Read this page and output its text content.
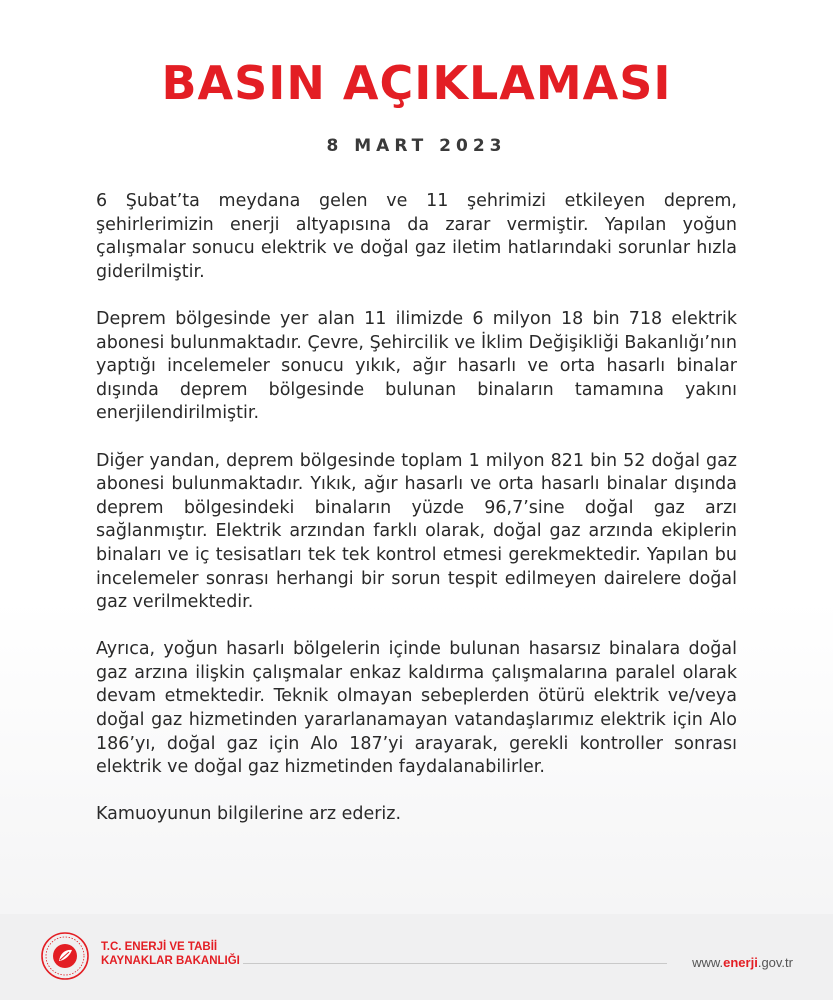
BASIN AÇIKLAMASI
8 MART 2023

6 Şubat’ta meydana gelen ve 11 şehrimizi etkileyen deprem, şehirlerimizin enerji altyapısına da zarar vermiştir. Yapılan yoğun çalışmalar sonucu elektrik ve doğal gaz iletim hatlarındaki sorunlar hızla giderilmiştir.

Deprem bölgesinde yer alan 11 ilimizde 6 milyon 18 bin 718 elektrik abonesi bulunmaktadır. Çevre, Şehircilik ve İklim Değişikliği Bakanlığı’nın yaptığı incelemeler sonucu yıkık, ağır hasarlı ve orta hasarlı binalar dışında deprem bölgesinde bulunan binaların tamamına yakını enerjilendirilmiştir.

Diğer yandan, deprem bölgesinde toplam 1 milyon 821 bin 52 doğal gaz abonesi bulunmaktadır. Yıkık, ağır hasarlı ve orta hasarlı binalar dışında deprem bölgesindeki binaların yüzde 96,7’sine doğal gaz arzı sağlanmıştır. Elektrik arzından farklı olarak, doğal gaz arzında ekiplerin binaları ve iç tesisatları tek tek kontrol etmesi gerekmektedir. Yapılan bu incelemeler sonrası herhangi bir sorun tespit edilmeyen dairelere doğal gaz verilmektedir.

Ayrıca, yoğun hasarlı bölgelerin içinde bulunan hasarsız binalara doğal gaz arzına ilişkin çalışmalar enkaz kaldırma çalışmalarına paralel olarak devam etmektedir. Teknik olmayan sebeplerden ötürü elektrik ve/veya doğal gaz hizmetinden yararlanamayan vatandaşlarımız elektrik için Alo 186’yı, doğal gaz için Alo 187’yi arayarak, gerekli kontroller sonrası elektrik ve doğal gaz hizmetinden faydalanabilirler.

Kamuoyunun bilgilerine arz ederiz.

T.C. ENERJİ VE TABİİ
KAYNAKLAR BAKANLIĞI	www.enerji.gov.tr
